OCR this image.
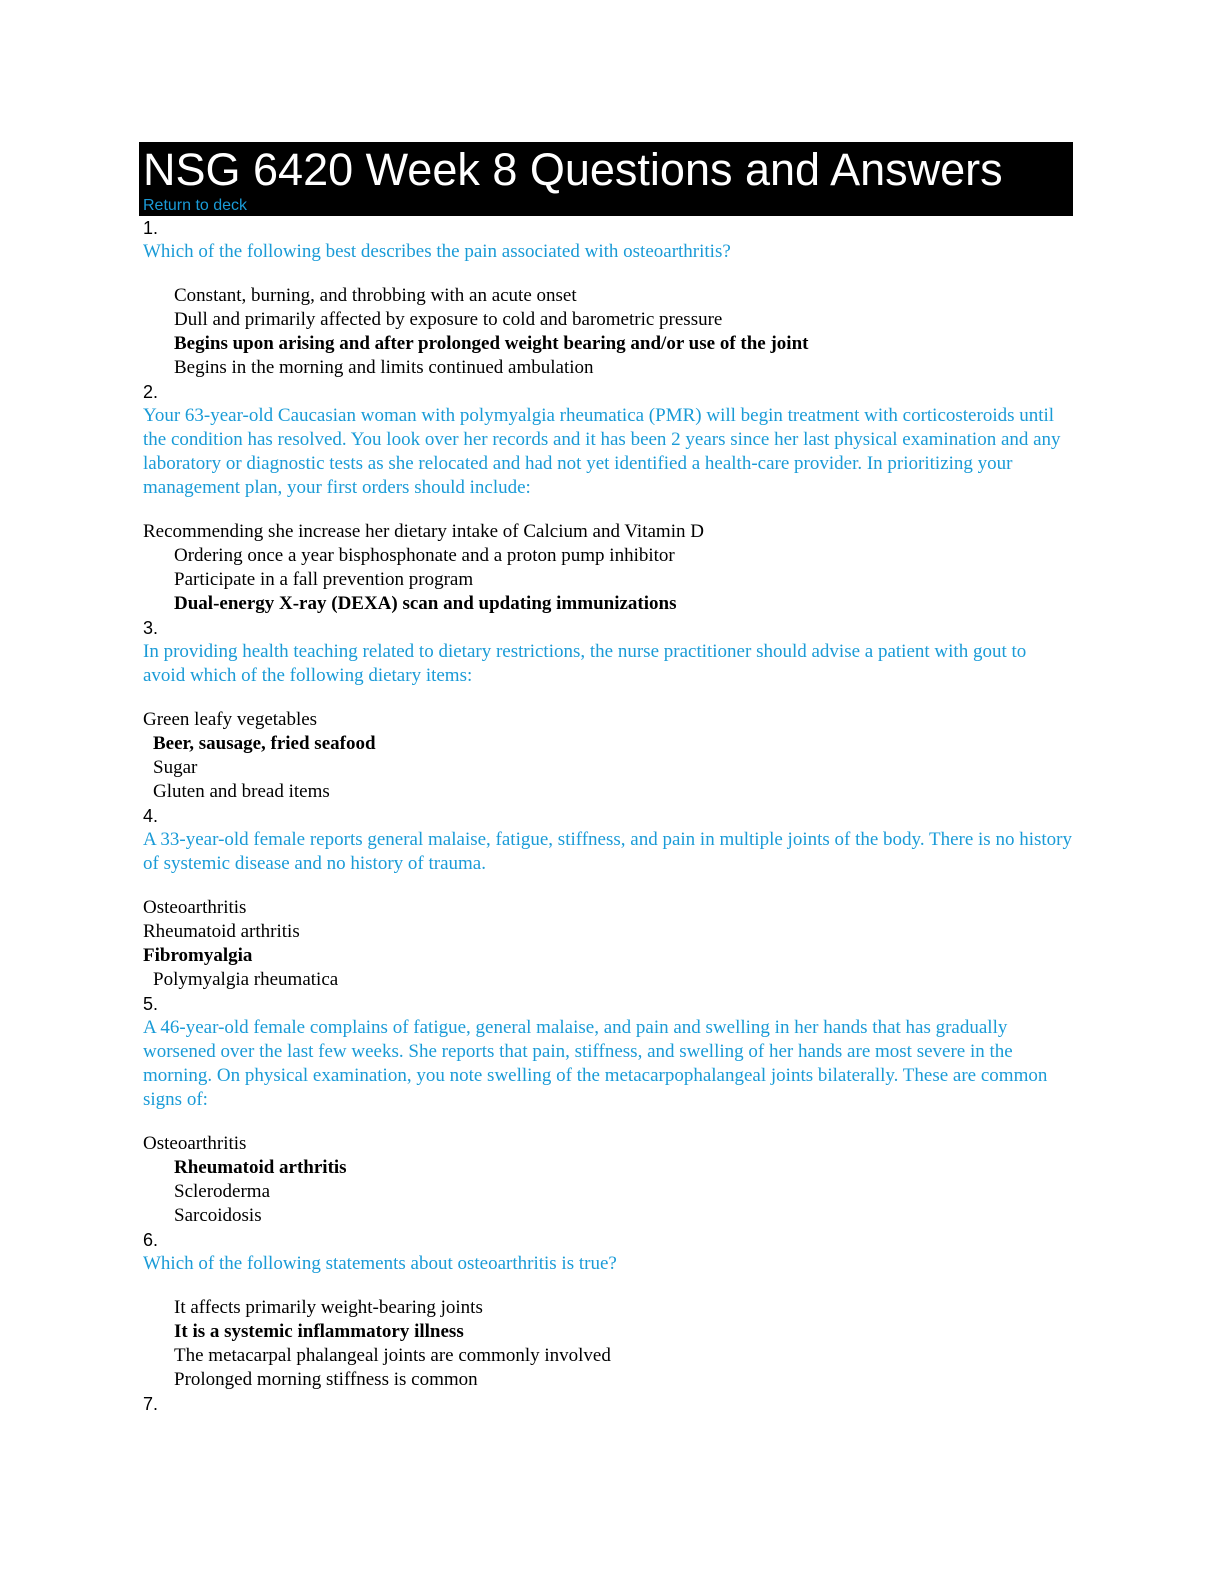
NSG 6420 Week 8 Questions and Answers
Return to deck
1.
Which of the following best describes the pain associated with osteoarthritis?
Constant, burning, and throbbing with an acute onset
Dull and primarily affected by exposure to cold and barometric pressure
Begins upon arising and after prolonged weight bearing and/or use of the joint
Begins in the morning and limits continued ambulation
2.
Your 63-year-old Caucasian woman with polymyalgia rheumatica (PMR) will begin treatment with corticosteroids until the condition has resolved. You look over her records and it has been 2 years since her last physical examination and any laboratory or diagnostic tests as she relocated and had not yet identified a health-care provider. In prioritizing your management plan, your first orders should include:
Recommending she increase her dietary intake of Calcium and Vitamin D
Ordering once a year bisphosphonate and a proton pump inhibitor
Participate in a fall prevention program
Dual-energy X-ray (DEXA) scan and updating immunizations
3.
In providing health teaching related to dietary restrictions, the nurse practitioner should advise a patient with gout to avoid which of the following dietary items:
Green leafy vegetables
Beer, sausage, fried seafood
Sugar
Gluten and bread items
4.
A 33-year-old female reports general malaise, fatigue, stiffness, and pain in multiple joints of the body. There is no history of systemic disease and no history of trauma.
Osteoarthritis
Rheumatoid arthritis
Fibromyalgia
Polymyalgia rheumatica
5.
A 46-year-old female complains of fatigue, general malaise, and pain and swelling in her hands that has gradually worsened over the last few weeks. She reports that pain, stiffness, and swelling of her hands are most severe in the morning. On physical examination, you note swelling of the metacarpophalangeal joints bilaterally. These are common signs of:
Osteoarthritis
Rheumatoid arthritis
Scleroderma
Sarcoidosis
6.
Which of the following statements about osteoarthritis is true?
It affects primarily weight-bearing joints
It is a systemic inflammatory illness
The metacarpal phalangeal joints are commonly involved
Prolonged morning stiffness is common
7.
